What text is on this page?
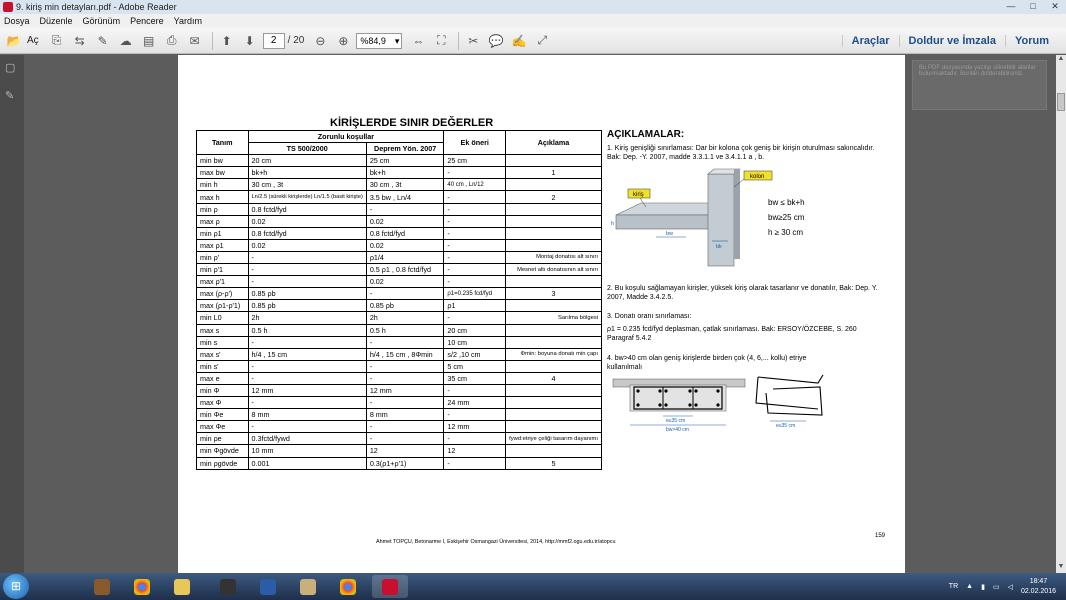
9. kiriş min detayları.pdf - Adobe Reader	—	□	✕
Dosya Düzenle Görünüm Pencere Yardım
📂 Aç	⎘	⇆	✎ ☁ ▤	⎙	✉	⬆	⬇	2	/ 20 ⊖	⊕	%84,9 ▾	⇔	⛶	✂ 💬 ✍ ⤢	Araçlar	Doldur ve İmzala	Yorum
▢
✎
Bu PDF dosyasında yazılıp silinebilir alanlar bulunmaktadır. Bunları doldurabilirsiniz.
KİRİŞLERDE SINIR DEĞERLER
Tanım	Zorunlu koşullar		Ek öneri	Açıklama
	TS 500/2000	Deprem Yön. 2007		
min bw	20 cm	25 cm	25 cm	
max bw	bk+h	bk+h	-	1
min h	30 cm , 3t	30 cm , 3t	40 cm , Ln/12	
max h	Ln/2.5 (sürekli kirişlerde) Ln/1.5 (basit kirişte)	3.5 bw , Ln/4	-	2
min ρ	0.8 fctd/fyd	-	-	
max ρ	0.02	0.02	-	
min ρ1	0.8 fctd/fyd	0.8 fctd/fyd	-	
max ρ1	0.02	0.02	-	
min ρ'	-	ρ1/4	-	Montaj donatısı alt sınırı
min ρ'1	-	0.5 ρ1 , 0.8 fctd/fyd	-	Mesnet altı donatısının alt sınırı
max ρ'1	-	0.02	-	
max (ρ-ρ')	0.85 ρb	-	ρ1=0.235 fcd/fyd	3
max (ρ1-ρ'1)	0.85 ρb	0.85 ρb	ρ1	
min L0	2h	2h	-	Sarılma bölgesi
max s	0.5 h	0.5 h	20 cm	
min s	-	-	10 cm	
max s'	h/4 , 15 cm	h/4 , 15 cm , 8Φmin	s/2 ,10 cm	Φmin: boyuna donatı min çapı
min s'	-	-	5 cm	
max e	-	-	35 cm	4
min Φ	12 mm	12 mm	-	
max Φ	-	-	24 mm	
min Φe	8 mm	8 mm	-	
max Φe	-	-	12 mm	
min ρe	0.3fctd/fywd	-	-	fywd:etriye çeliği tasarım dayanımı
min Φgövde	10 mm	12	12	
min ρgövde	0.001	0.3(ρ1+ρ'1)	-	5
AÇIKLAMALAR:
1. Kiriş genişliği sınırlaması: Dar bir kolona çok geniş bir kirişin oturulması sakıncalıdır. Bak: Dep. -Y. 2007, madde 3.3.1.1 ve 3.4.1.1 a , b.
bw
bk
h
kolon
kiriş
bw ≤ bk+h
bw≥25 cm
h ≥ 30 cm
2. Bu koşulu sağlamayan kirişler, yüksek kiriş olarak tasarlanır ve donatılır, Bak: Dep. Y. 2007, Madde 3.4.2.5.
3. Donatı oranı sınırlaması:
ρ1 = 0.235 fcd/fyd deplasman, çatlak sınırlaması. Bak: ERSOY/ÖZCEBE, S. 260 Paragraf 5.4.2
4. bw>40 cm olan geniş kirişlerde birden çok (4, 6,... kollu) etriye kullanılmalı
e≤35 cm
bw>40 cm
e≤35 cm
Ahmet TOPÇU, Betonarme I, Eskişehir Osmangazi Üniversitesi, 2014, http://mmf2.ogu.edu.tr/atopcu
159
▲
▼
⊞	TR ▲ ▮ ▭ ◁
18:47
02.02.2016
